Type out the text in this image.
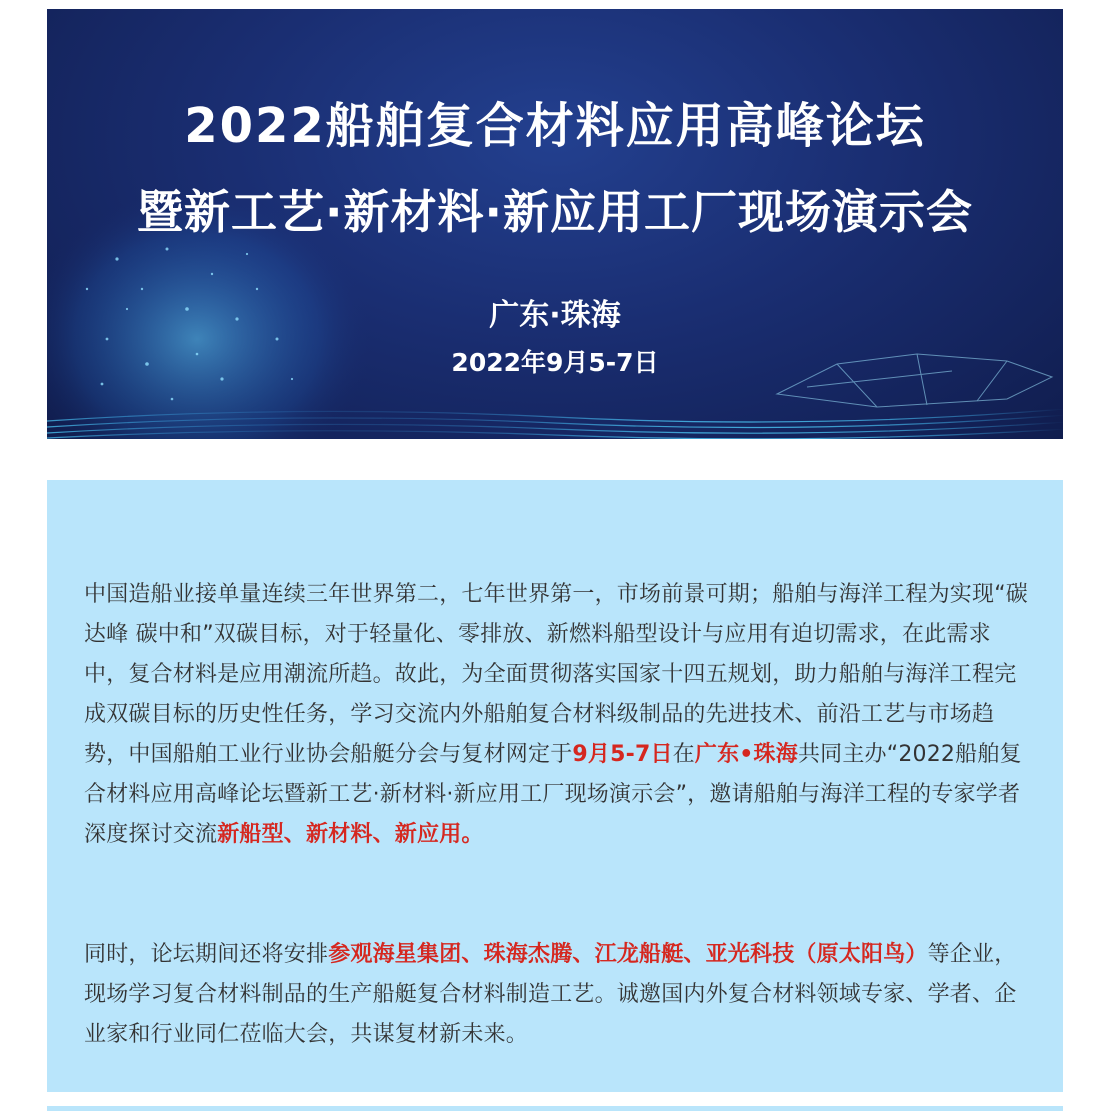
2022船舶复合材料应用高峰论坛
暨新工艺·新材料·新应用工厂现场演示会
广东·珠海
2022年9月5-7日

中国造船业接单量连续三年世界第二，七年世界第一，市场前景可期；船舶与海洋工程为实现“碳达峰 碳中和”双碳目标，对于轻量化、零排放、新燃料船型设计与应用有迫切需求，在此需求中，复合材料是应用潮流所趋。故此，为全面贯彻落实国家十四五规划，助力船舶与海洋工程完成双碳目标的历史性任务，学习交流内外船舶复合材料级制品的先进技术、前沿工艺与市场趋势，中国船舶工业行业协会船艇分会与复材网定于9月5-7日在广东•珠海共同主办“2022船舶复合材料应用高峰论坛暨新工艺·新材料·新应用工厂现场演示会”，邀请船舶与海洋工程的专家学者深度探讨交流新船型、新材料、新应用。

同时，论坛期间还将安排参观海星集团、珠海杰腾、江龙船艇、亚光科技（原太阳鸟）等企业，现场学习复合材料制品的生产船艇复合材料制造工艺。诚邀国内外复合材料领域专家、学者、企业家和行业同仁莅临大会，共谋复材新未来。
